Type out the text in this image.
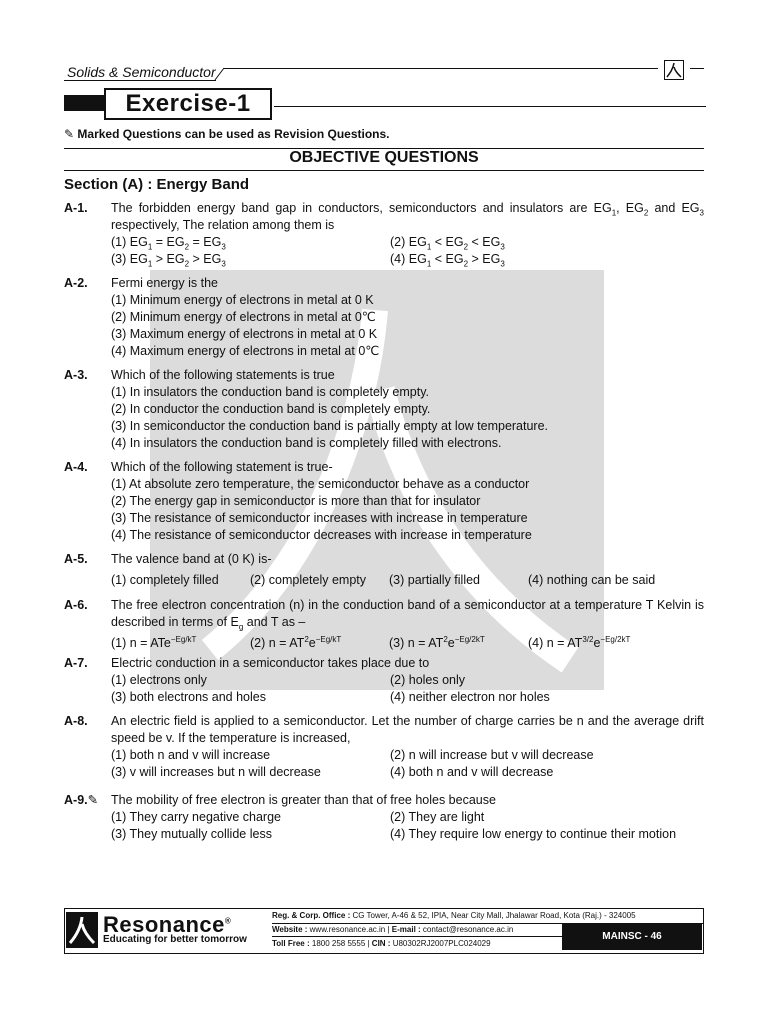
Solids & Semiconductor
Exercise-1
✎ Marked Questions can be used as Revision Questions.
OBJECTIVE QUESTIONS
Section (A) : Energy Band
A-1. The forbidden energy band gap in conductors, semiconductors and insulators are $EG_1$, $EG_2$ and $EG_3$ respectively, The relation among them is
(1) $EG_1 = EG_2 = EG_3$	(2) $EG_1 < EG_2 < EG_3$
(3) $EG_1 > EG_2 > EG_3$	(4) $EG_1 < EG_2 > EG_3$
A-2. Fermi energy is the
(1) Minimum energy of electrons in metal at 0 K
(2) Minimum energy of electrons in metal at 0℃
(3) Maximum energy of electrons in metal at 0 K
(4) Maximum energy of electrons in metal at 0℃
A-3. Which of the following statements is true
(1) In insulators the conduction band is completely empty.
(2) In conductor the conduction band is completely empty.
(3) In semiconductor the conduction band is partially empty at low temperature.
(4) In insulators the conduction band is completely filled with electrons.
A-4. Which of the following statement is true-
(1) At absolute zero temperature, the semiconductor behave as a conductor
(2) The energy gap in semiconductor is more than that for insulator
(3) The resistance of semiconductor increases with increase in temperature
(4) The resistance of semiconductor decreases with increase in temperature
A-5. The valence band at (0 K) is-
(1) completely filled	(2) completely empty (3) partially filled	(4) nothing can be said
A-6. The free electron concentration (n) in the conduction band of a semiconductor at a temperature T Kelvin is described in terms of $E_g$ and T as –
(1) n = ATe$^{-Eg/kT}$	(2) $n = AT^2e^{-Eg/kT}$	(3) $n = AT^2e^{-Eg/2kT}$	(4) $n = AT^{3/2}e^{-Eg/2kT}$
A-7. Electric conduction in a semiconductor takes place due to
(1) electrons only	(2) holes only
(3) both electrons and holes	(4) neither electron nor holes
A-8. An electric field is applied to a semiconductor. Let the number of charge carries be n and the average drift speed be v. If the temperature is increased,
(1) both n and v will increase	(2) n will increase but v will decrease
(3) v will increases but n will decrease	(4) both n and v will decrease
A-9.✎ The mobility of free electron is greater than that of free holes because
(1) They carry negative charge	(2) They are light
(3) They mutually collide less	(4) They require low energy to continue their motion
Resonance®
Educating for better tomorrow
Reg. & Corp. Office : CG Tower, A-46 & 52, IPIA, Near City Mall, Jhalawar Road, Kota (Raj.) - 324005
Website : www.resonance.ac.in | E-mail : contact@resonance.ac.in
Toll Free : 1800 258 5555 | CIN : U80302RJ2007PLC024029
MAINSC - 46
